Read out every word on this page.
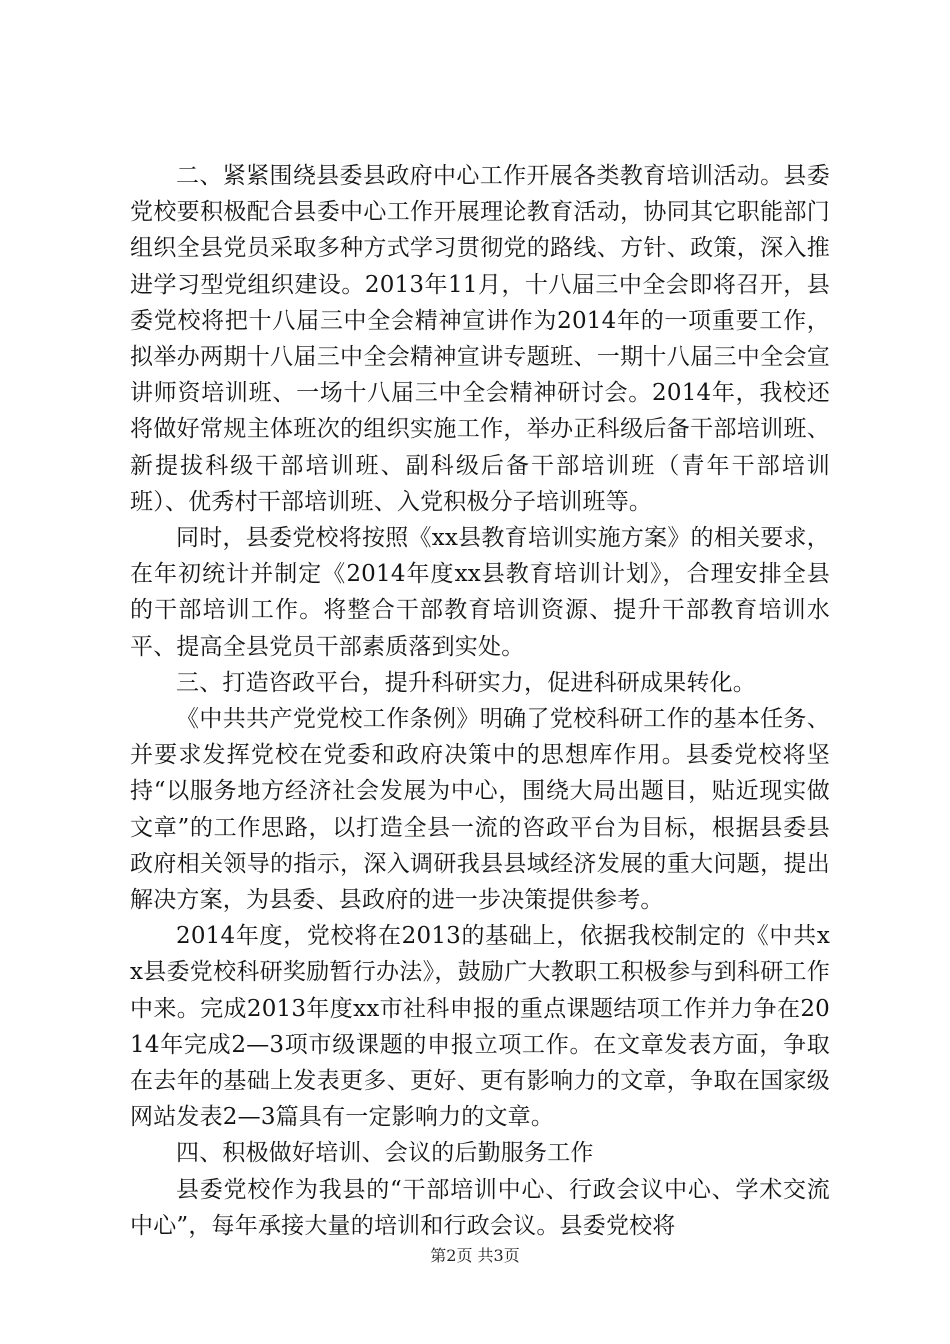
二、紧紧围绕县委县政府中心工作开展各类教育培训活动。县委党校要积极配合县委中心工作开展理论教育活动，协同其它职能部门组织全县党员采取多种方式学习贯彻党的路线、方针、政策，深入推进学习型党组织建设。2013年11月，十八届三中全会即将召开，县委党校将把十八届三中全会精神宣讲作为2014年的一项重要工作，拟举办两期十八届三中全会精神宣讲专题班、一期十八届三中全会宣讲师资培训班、一场十八届三中全会精神研讨会。2014年，我校还将做好常规主体班次的组织实施工作，举办正科级后备干部培训班、新提拔科级干部培训班、副科级后备干部培训班（青年干部培训班）、优秀村干部培训班、入党积极分子培训班等。

同时，县委党校将按照《xx县教育培训实施方案》的相关要求，在年初统计并制定《2014年度xx县教育培训计划》，合理安排全县的干部培训工作。将整合干部教育培训资源、提升干部教育培训水平、提高全县党员干部素质落到实处。

三、打造咨政平台，提升科研实力，促进科研成果转化。

《中共共产党党校工作条例》明确了党校科研工作的基本任务、并要求发挥党校在党委和政府决策中的思想库作用。县委党校将坚持“以服务地方经济社会发展为中心，围绕大局出题目，贴近现实做文章”的工作思路，以打造全县一流的咨政平台为目标，根据县委县政府相关领导的指示，深入调研我县县域经济发展的重大问题，提出解决方案，为县委、县政府的进一步决策提供参考。

2014年度，党校将在2013的基础上，依据我校制定的《中共xx县委党校科研奖励暂行办法》，鼓励广大教职工积极参与到科研工作中来。完成2013年度xx市社科申报的重点课题结项工作并力争在2014年完成2—3项市级课题的申报立项工作。在文章发表方面，争取在去年的基础上发表更多、更好、更有影响力的文章，争取在国家级网站发表2—3篇具有一定影响力的文章。

四、积极做好培训、会议的后勤服务工作

县委党校作为我县的“干部培训中心、行政会议中心、学术交流中心”，每年承接大量的培训和行政会议。县委党校将

第2页 共3页
